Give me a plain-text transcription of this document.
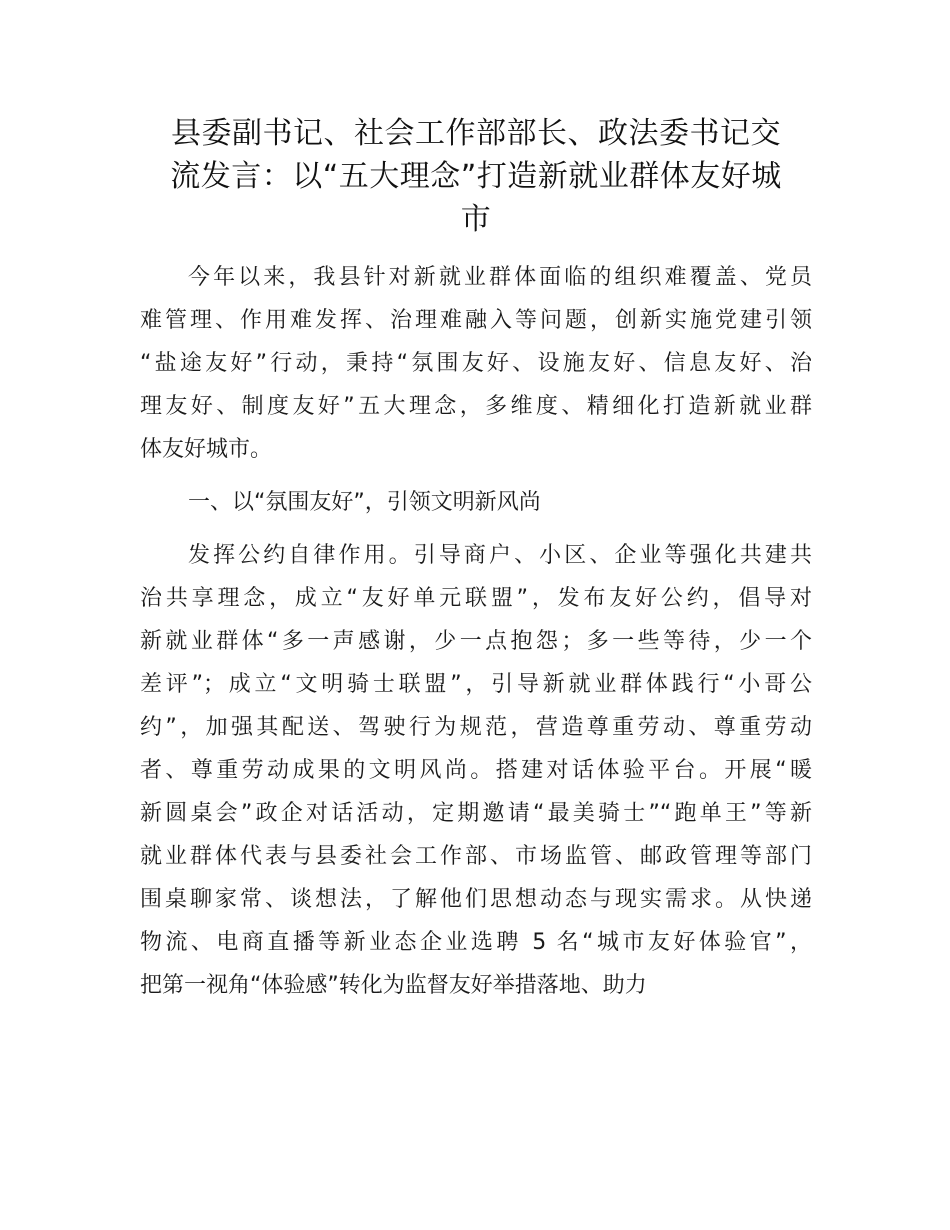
县委副书记、社会工作部部长、政法委书记交
流发言：以“五大理念”打造新就业群体友好城
市
今年以来，我县针对新就业群体面临的组织难覆盖、党员
难管理、作用难发挥、治理难融入等问题，创新实施党建引领
“盐途友好”行动，秉持“氛围友好、设施友好、信息友好、治
理友好、制度友好”五大理念，多维度、精细化打造新就业群
体友好城市。
一、以“氛围友好”，引领文明新风尚
发挥公约自律作用。引导商户、小区、企业等强化共建共
治共享理念，成立“友好单元联盟”，发布友好公约，倡导对
新就业群体“多一声感谢，少一点抱怨；多一些等待，少一个
差评”；成立“文明骑士联盟”，引导新就业群体践行“小哥公
约”，加强其配送、驾驶行为规范，营造尊重劳动、尊重劳动
者、尊重劳动成果的文明风尚。搭建对话体验平台。开展“暖
新圆桌会”政企对话活动，定期邀请“最美骑士”“跑单王”等新
就业群体代表与县委社会工作部、市场监管、邮政管理等部门
围桌聊家常、谈想法，了解他们思想动态与现实需求。从快递
物流、电商直播等新业态企业选聘 5 名“城市友好体验官”，
把第一视角“体验感”转化为监督友好举措落地、助力
